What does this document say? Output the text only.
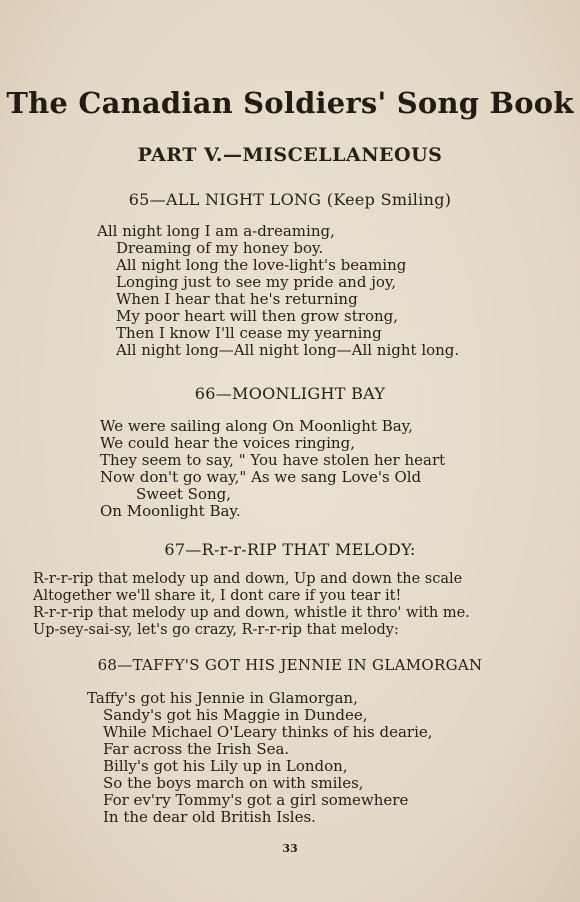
The Canadian Soldiers' Song Book
PART V.—MISCELLANEOUS
65—ALL NIGHT LONG (Keep Smiling)
All night long I am a-dreaming,
Dreaming of my honey boy.
All night long the love-light's beaming
Longing just to see my pride and joy,
When I hear that he's returning
My poor heart will then grow strong,
Then I know I'll cease my yearning
All night long—All night long—All night long.
66—MOONLIGHT BAY
We were sailing along On Moonlight Bay,
We could hear the voices ringing,
They seem to say, " You have stolen her heart
Now don't go way," As we sang Love's Old
Sweet Song,
On Moonlight Bay.
67—R-r-r-RIP THAT MELODY:
R-r-r-rip that melody up and down, Up and down the scale
Altogether we'll share it, I dont care if you tear it!
R-r-r-rip that melody up and down, whistle it thro' with me.
Up-sey-sai-sy, let's go crazy, R-r-r-rip that melody:
68—TAFFY'S GOT HIS JENNIE IN GLAMORGAN
Taffy's got his Jennie in Glamorgan,
Sandy's got his Maggie in Dundee,
While Michael O'Leary thinks of his dearie,
Far across the Irish Sea.
Billy's got his Lily up in London,
So the boys march on with smiles,
For ev'ry Tommy's got a girl somewhere
In the dear old British Isles.
33
